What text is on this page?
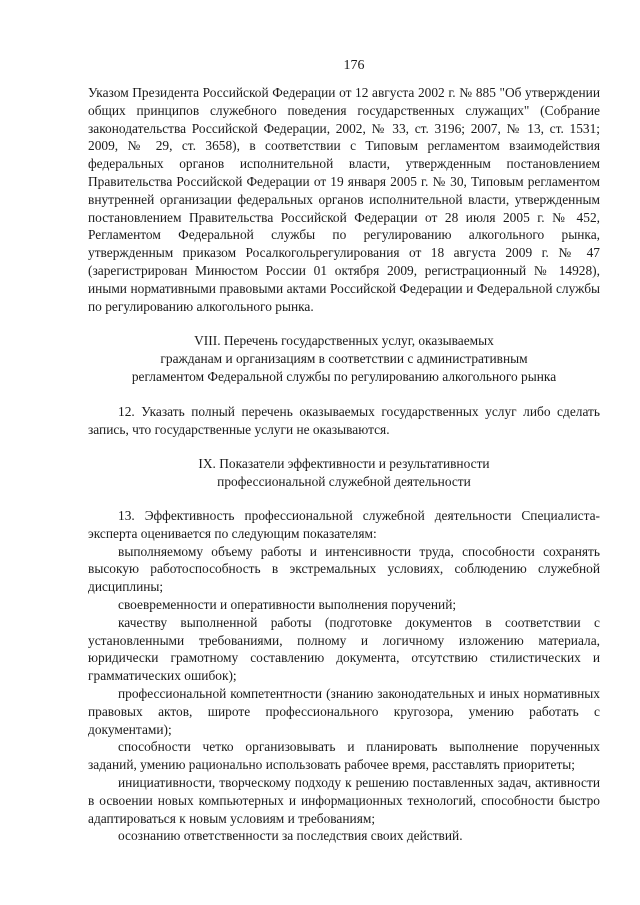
176

Указом Президента Российской Федерации от 12 августа 2002 г. № 885 "Об утверждении общих принципов служебного поведения государственных служащих" (Собрание законодательства Российской Федерации, 2002, № 33, ст. 3196; 2007, № 13, ст. 1531; 2009, № 29, ст. 3658), в соответствии с Типовым регламентом взаимодействия федеральных органов исполнительной власти, утвержденным постановлением Правительства Российской Федерации от 19 января 2005 г. № 30, Типовым регламентом внутренней организации федеральных органов исполнительной власти, утвержденным постановлением Правительства Российской Федерации от 28 июля 2005 г. № 452, Регламентом Федеральной службы по регулированию алкогольного рынка, утвержденным приказом Росалкогольрегулирования от 18 августа 2009 г. № 47 (зарегистрирован Минюстом России 01 октября 2009, регистрационный № 14928), иными нормативными правовыми актами Российской Федерации и Федеральной службы по регулированию алкогольного рынка.

VIII. Перечень государственных услуг, оказываемых

гражданам и организациям в соответствии с административным

регламентом Федеральной службы по регулированию алкогольного рынка

12. Указать полный перечень оказываемых государственных услуг либо сделать запись, что государственные услуги не оказываются.

IX. Показатели эффективности и результативности

профессиональной служебной деятельности

13. Эффективность профессиональной служебной деятельности Специалиста-эксперта оценивается по следующим показателям:

выполняемому объему работы и интенсивности труда, способности сохранять высокую работоспособность в экстремальных условиях, соблюдению служебной дисциплины;

своевременности и оперативности выполнения поручений;

качеству выполненной работы (подготовке документов в соответствии с установленными требованиями, полному и логичному изложению материала, юридически грамотному составлению документа, отсутствию стилистических и грамматических ошибок);

профессиональной компетентности (знанию законодательных и иных нормативных правовых актов, широте профессионального кругозора, умению работать с документами);

способности четко организовывать и планировать выполнение порученных заданий, умению рационально использовать рабочее время, расставлять приоритеты;

инициативности, творческому подходу к решению поставленных задач, активности в освоении новых компьютерных и информационных технологий, способности быстро адаптироваться к новым условиям и требованиям;

осознанию ответственности за последствия своих действий.
